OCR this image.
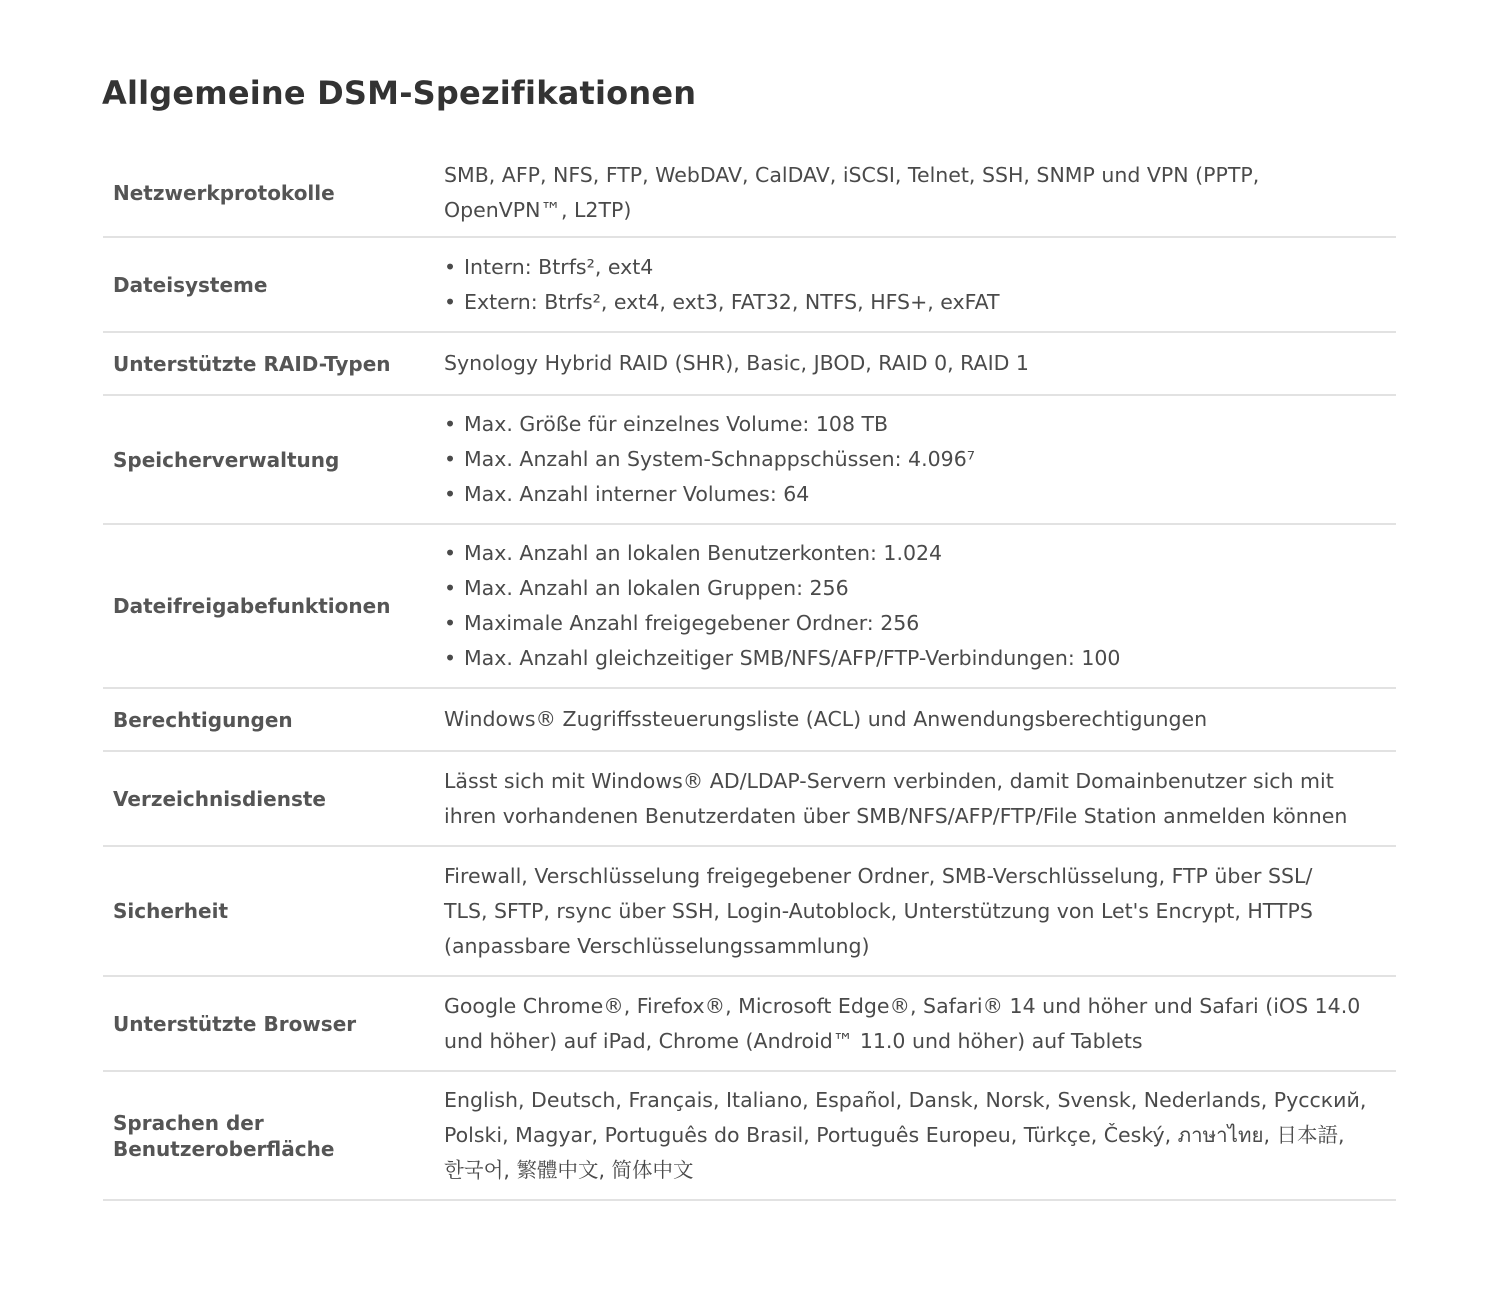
Allgemeine DSM-Spezifikationen
Netzwerkprotokolle
SMB, AFP, NFS, FTP, WebDAV, CalDAV, iSCSI, Telnet, SSH, SNMP und VPN (PPTP,
OpenVPN™, L2TP)
Dateisysteme
• Intern: Btrfs², ext4
• Extern: Btrfs², ext4, ext3, FAT32, NTFS, HFS+, exFAT
Unterstützte RAID-Typen	Synology Hybrid RAID (SHR), Basic, JBOD, RAID 0, RAID 1
Speicherverwaltung
• Max. Größe für einzelnes Volume: 108 TB
• Max. Anzahl an System-Schnappschüssen: 4.096⁷
• Max. Anzahl interner Volumes: 64
Dateifreigabefunktionen
• Max. Anzahl an lokalen Benutzerkonten: 1.024
• Max. Anzahl an lokalen Gruppen: 256
• Maximale Anzahl freigegebener Ordner: 256
• Max. Anzahl gleichzeitiger SMB/NFS/AFP/FTP-Verbindungen: 100
Berechtigungen	Windows® Zugriffssteuerungsliste (ACL) und Anwendungsberechtigungen
Verzeichnisdienste
Lässt sich mit Windows® AD/LDAP-Servern verbinden, damit Domainbenutzer sich mit
ihren vorhandenen Benutzerdaten über SMB/NFS/AFP/FTP/File Station anmelden können
Sicherheit
Firewall, Verschlüsselung freigegebener Ordner, SMB-Verschlüsselung, FTP über SSL/
TLS, SFTP, rsync über SSH, Login-Autoblock, Unterstützung von Let's Encrypt, HTTPS
(anpassbare Verschlüsselungssammlung)
Unterstützte Browser
Google Chrome®, Firefox®, Microsoft Edge®, Safari® 14 und höher und Safari (iOS 14.0
und höher) auf iPad, Chrome (Android™ 11.0 und höher) auf Tablets
Sprachen der Benutzeroberfläche
English, Deutsch, Français, Italiano, Español, Dansk, Norsk, Svensk, Nederlands, Русский,
Polski, Magyar, Português do Brasil, Português Europeu, Türkçe, Český, ภาษาไทย, 日本語,
한국어, 繁體中文, 简体中文
